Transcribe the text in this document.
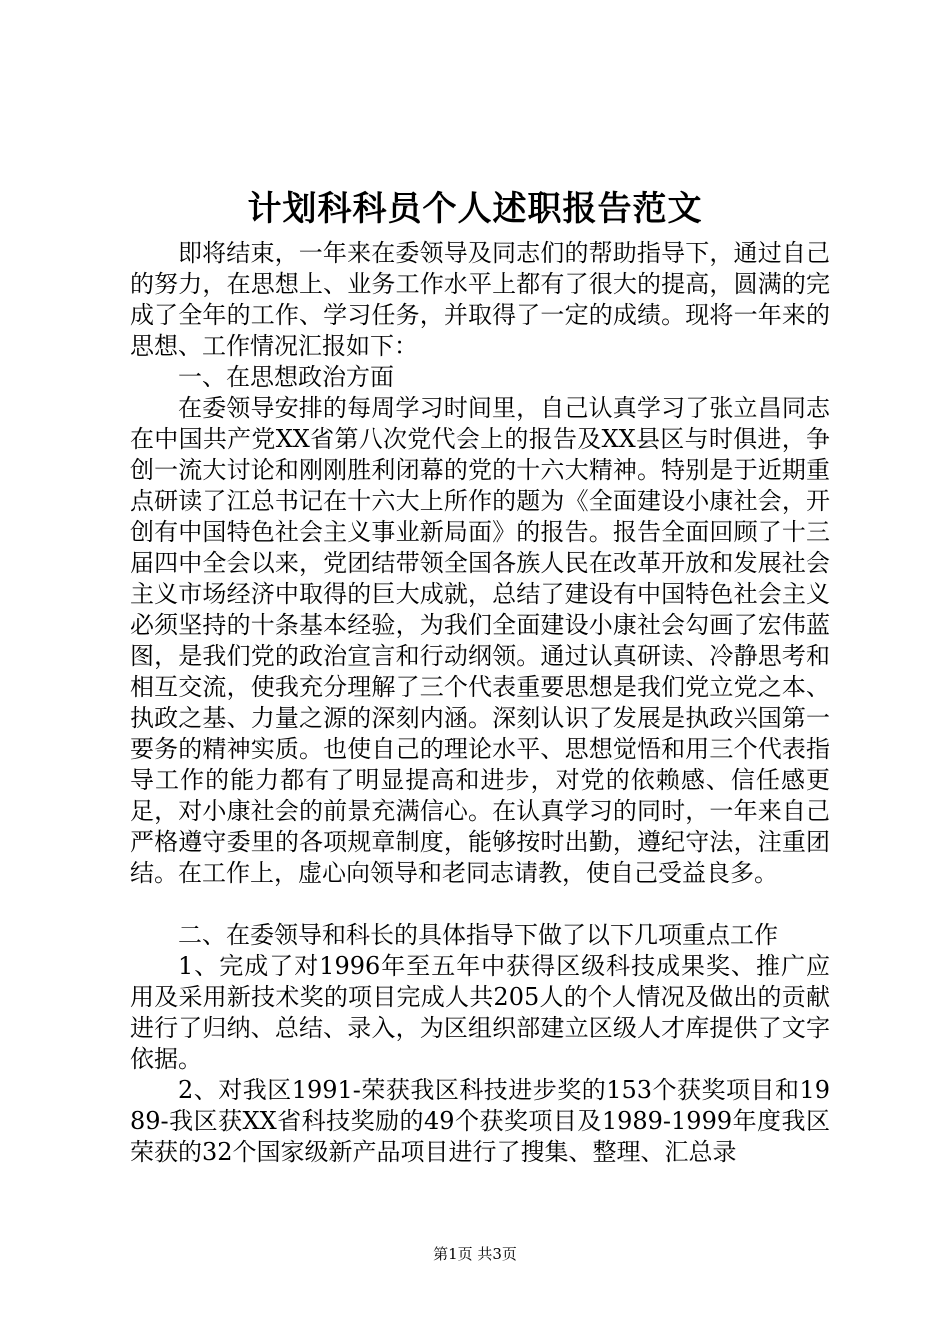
计划科科员个人述职报告范文

即将结束，一年来在委领导及同志们的帮助指导下，通过自己的努力，在思想上、业务工作水平上都有了很大的提高，圆满的完成了全年的工作、学习任务，并取得了一定的成绩。现将一年来的思想、工作情况汇报如下：

一、在思想政治方面

在委领导安排的每周学习时间里，自己认真学习了张立昌同志在中国共产党XX省第八次党代会上的报告及XX县区与时俱进，争创一流大讨论和刚刚胜利闭幕的党的十六大精神。特别是于近期重点研读了江总书记在十六大上所作的题为《全面建设小康社会，开创有中国特色社会主义事业新局面》的报告。报告全面回顾了十三届四中全会以来，党团结带领全国各族人民在改革开放和发展社会主义市场经济中取得的巨大成就，总结了建设有中国特色社会主义必须坚持的十条基本经验，为我们全面建设小康社会勾画了宏伟蓝图，是我们党的政治宣言和行动纲领。通过认真研读、冷静思考和相互交流，使我充分理解了三个代表重要思想是我们党立党之本、执政之基、力量之源的深刻内涵。深刻认识了发展是执政兴国第一要务的精神实质。也使自己的理论水平、思想觉悟和用三个代表指导工作的能力都有了明显提高和进步，对党的依赖感、信任感更足，对小康社会的前景充满信心。在认真学习的同时，一年来自己严格遵守委里的各项规章制度，能够按时出勤，遵纪守法，注重团结。在工作上，虚心向领导和老同志请教，使自己受益良多。

二、在委领导和科长的具体指导下做了以下几项重点工作

1、完成了对1996年至五年中获得区级科技成果奖、推广应用及采用新技术奖的项目完成人共205人的个人情况及做出的贡献进行了归纳、总结、录入，为区组织部建立区级人才库提供了文字依据。

2、对我区1991-荣获我区科技进步奖的153个获奖项目和1989-我区获XX省科技奖励的49个获奖项目及1989-1999年度我区荣获的32个国家级新产品项目进行了搜集、整理、汇总录

第1页 共3页
